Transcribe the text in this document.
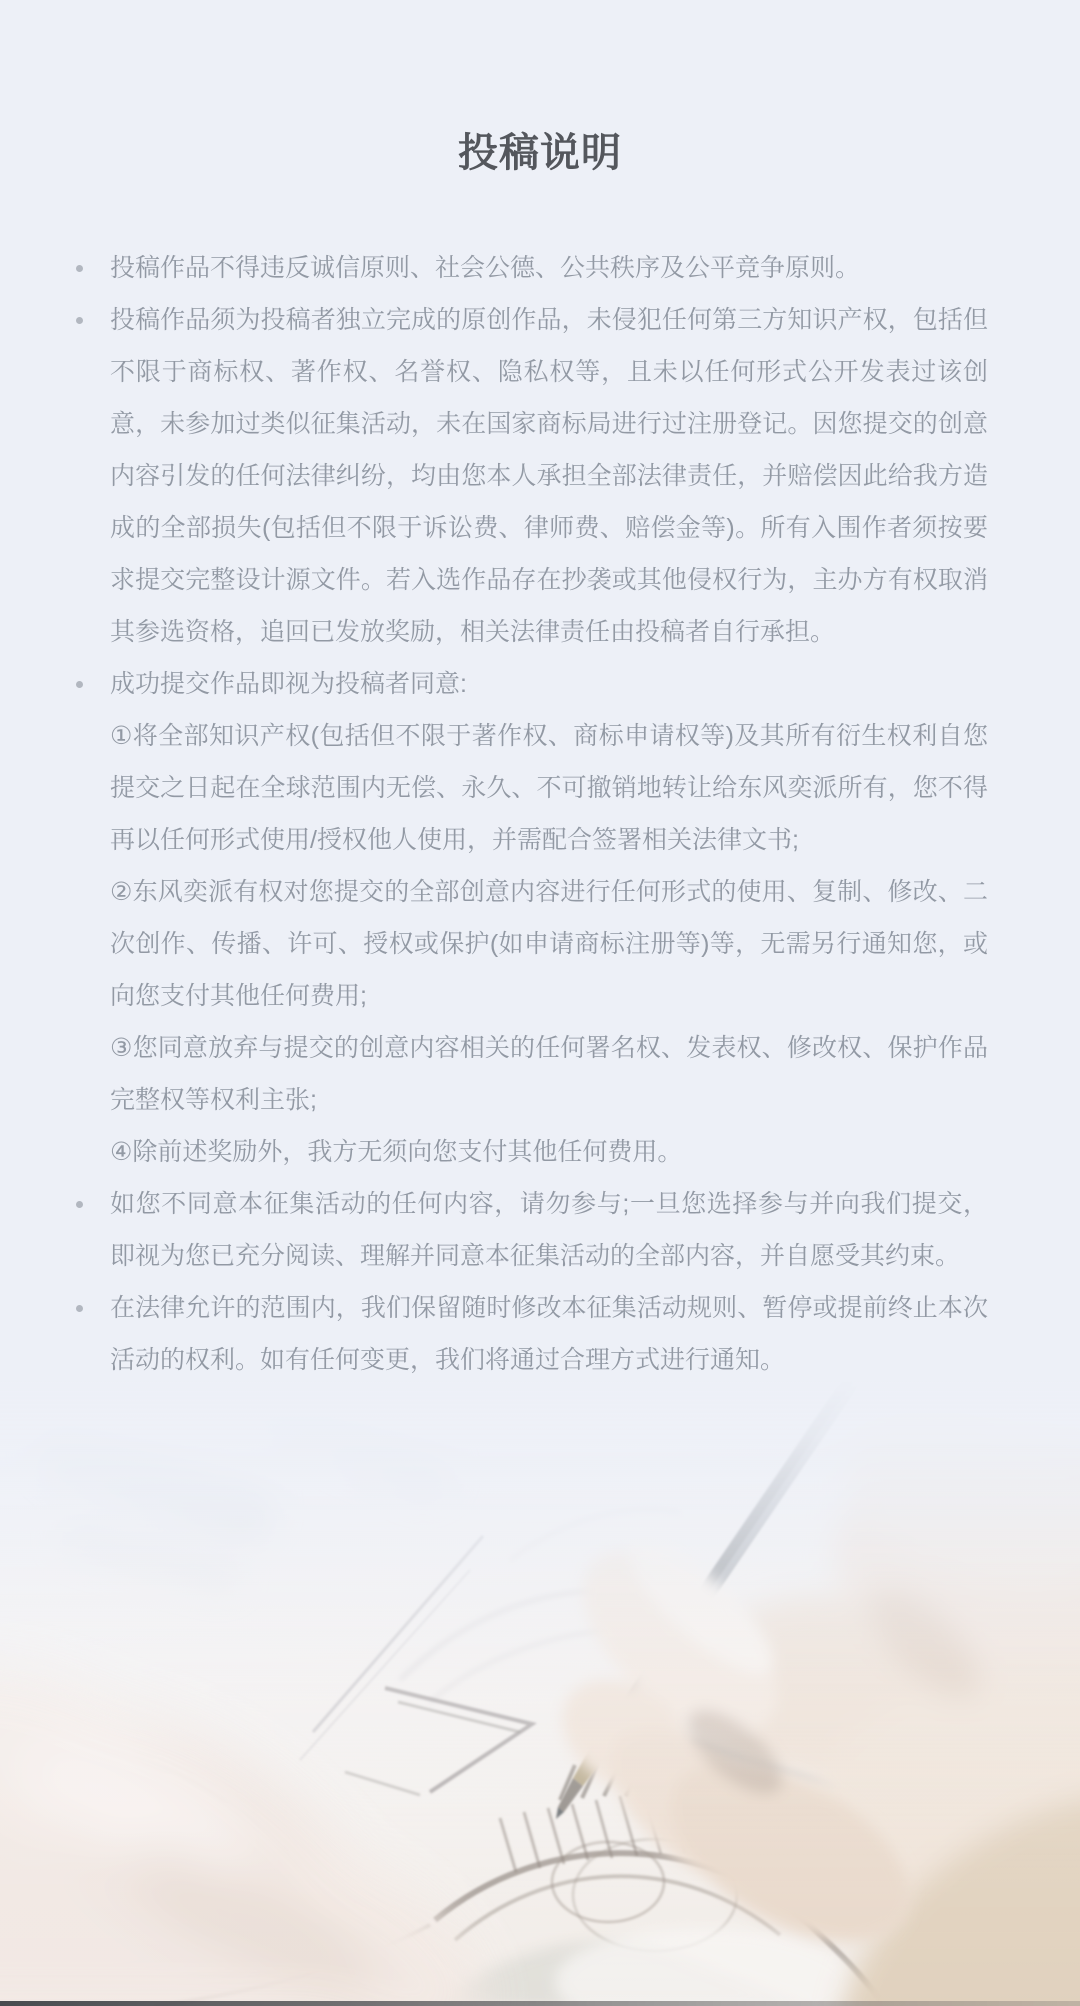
投稿说明
投稿作品不得违反诚信原则、社会公德、公共秩序及公平竞争原则。
投稿作品须为投稿者独立完成的原创作品，未侵犯任何第三方知识产权，包括但不限于商标权、著作权、名誉权、隐私权等，且未以任何形式公开发表过该创意，未参加过类似征集活动，未在国家商标局进行过注册登记。因您提交的创意内容引发的任何法律纠纷，均由您本人承担全部法律责任，并赔偿因此给我方造成的全部损失(包括但不限于诉讼费、律师费、赔偿金等)。所有入围作者须按要求提交完整设计源文件。若入选作品存在抄袭或其他侵权行为，主办方有权取消其参选资格，追回已发放奖励，相关法律责任由投稿者自行承担。
成功提交作品即视为投稿者同意:
①将全部知识产权(包括但不限于著作权、商标申请权等)及其所有衍生权利自您提交之日起在全球范围内无偿、永久、不可撤销地转让给东风奕派所有，您不得再以任何形式使用/授权他人使用，并需配合签署相关法律文书;
②东风奕派有权对您提交的全部创意内容进行任何形式的使用、复制、修改、二次创作、传播、许可、授权或保护(如申请商标注册等)等，无需另行通知您，或向您支付其他任何费用;
③您同意放弃与提交的创意内容相关的任何署名权、发表权、修改权、保护作品完整权等权利主张;
④除前述奖励外，我方无须向您支付其他任何费用。
如您不同意本征集活动的任何内容，请勿参与;一旦您选择参与并向我们提交，即视为您已充分阅读、理解并同意本征集活动的全部内容，并自愿受其约束。
在法律允许的范围内，我们保留随时修改本征集活动规则、暂停或提前终止本次活动的权利。如有任何变更，我们将通过合理方式进行通知。
